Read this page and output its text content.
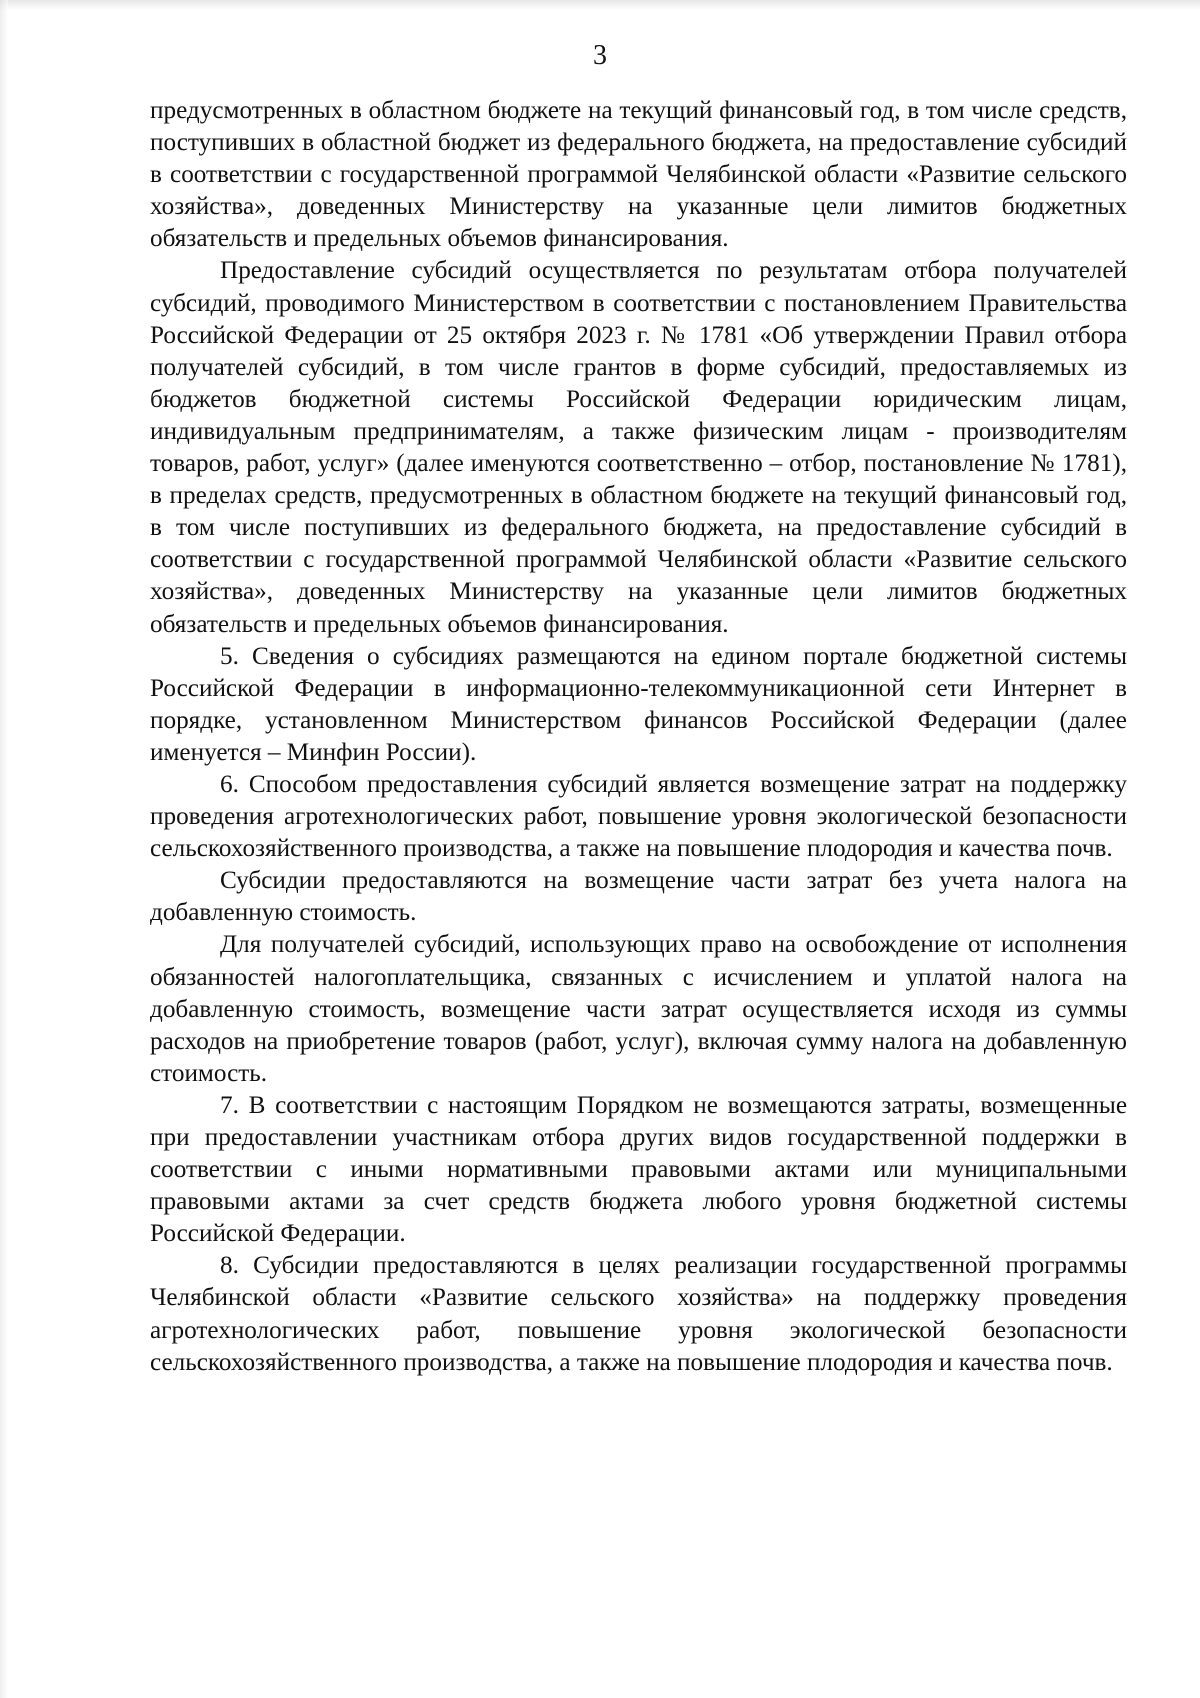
3

предусмотренных в областном бюджете на текущий финансовый год, в том числе средств, поступивших в областной бюджет из федерального бюджета, на предоставление субсидий в соответствии с государственной программой Челябинской области «Развитие сельского хозяйства», доведенных Министерству на указанные цели лимитов бюджетных обязательств и предельных объемов финансирования.

Предоставление субсидий осуществляется по результатам отбора получателей субсидий, проводимого Министерством в соответствии с постановлением Правительства Российской Федерации от 25 октября 2023 г. № 1781 «Об утверждении Правил отбора получателей субсидий, в том числе грантов в форме субсидий, предоставляемых из бюджетов бюджетной системы Российской Федерации юридическим лицам, индивидуальным предпринимателям, а также физическим лицам - производителям товаров, работ, услуг» (далее именуются соответственно – отбор, постановление № 1781), в пределах средств, предусмотренных в областном бюджете на текущий финансовый год, в том числе поступивших из федерального бюджета, на предоставление субсидий в соответствии с государственной программой Челябинской области «Развитие сельского хозяйства», доведенных Министерству на указанные цели лимитов бюджетных обязательств и предельных объемов финансирования.

5. Сведения о субсидиях размещаются на едином портале бюджетной системы Российской Федерации в информационно-телекоммуникационной сети Интернет в порядке, установленном Министерством финансов Российской Федерации (далее именуется – Минфин России).

6. Способом предоставления субсидий является возмещение затрат на поддержку проведения агротехнологических работ, повышение уровня экологической безопасности сельскохозяйственного производства, а также на повышение плодородия и качества почв.

Субсидии предоставляются на возмещение части затрат без учета налога на добавленную стоимость.

Для получателей субсидий, использующих право на освобождение от исполнения обязанностей налогоплательщика, связанных с исчислением и уплатой налога на добавленную стоимость, возмещение части затрат осуществляется исходя из суммы расходов на приобретение товаров (работ, услуг), включая сумму налога на добавленную стоимость.

7. В соответствии с настоящим Порядком не возмещаются затраты, возмещенные при предоставлении участникам отбора других видов государственной поддержки в соответствии с иными нормативными правовыми актами или муниципальными правовыми актами за счет средств бюджета любого уровня бюджетной системы Российской Федерации.

8. Субсидии предоставляются в целях реализации государственной программы Челябинской области «Развитие сельского хозяйства» на поддержку проведения агротехнологических работ, повышение уровня экологической безопасности сельскохозяйственного производства, а также на повышение плодородия и качества почв.
